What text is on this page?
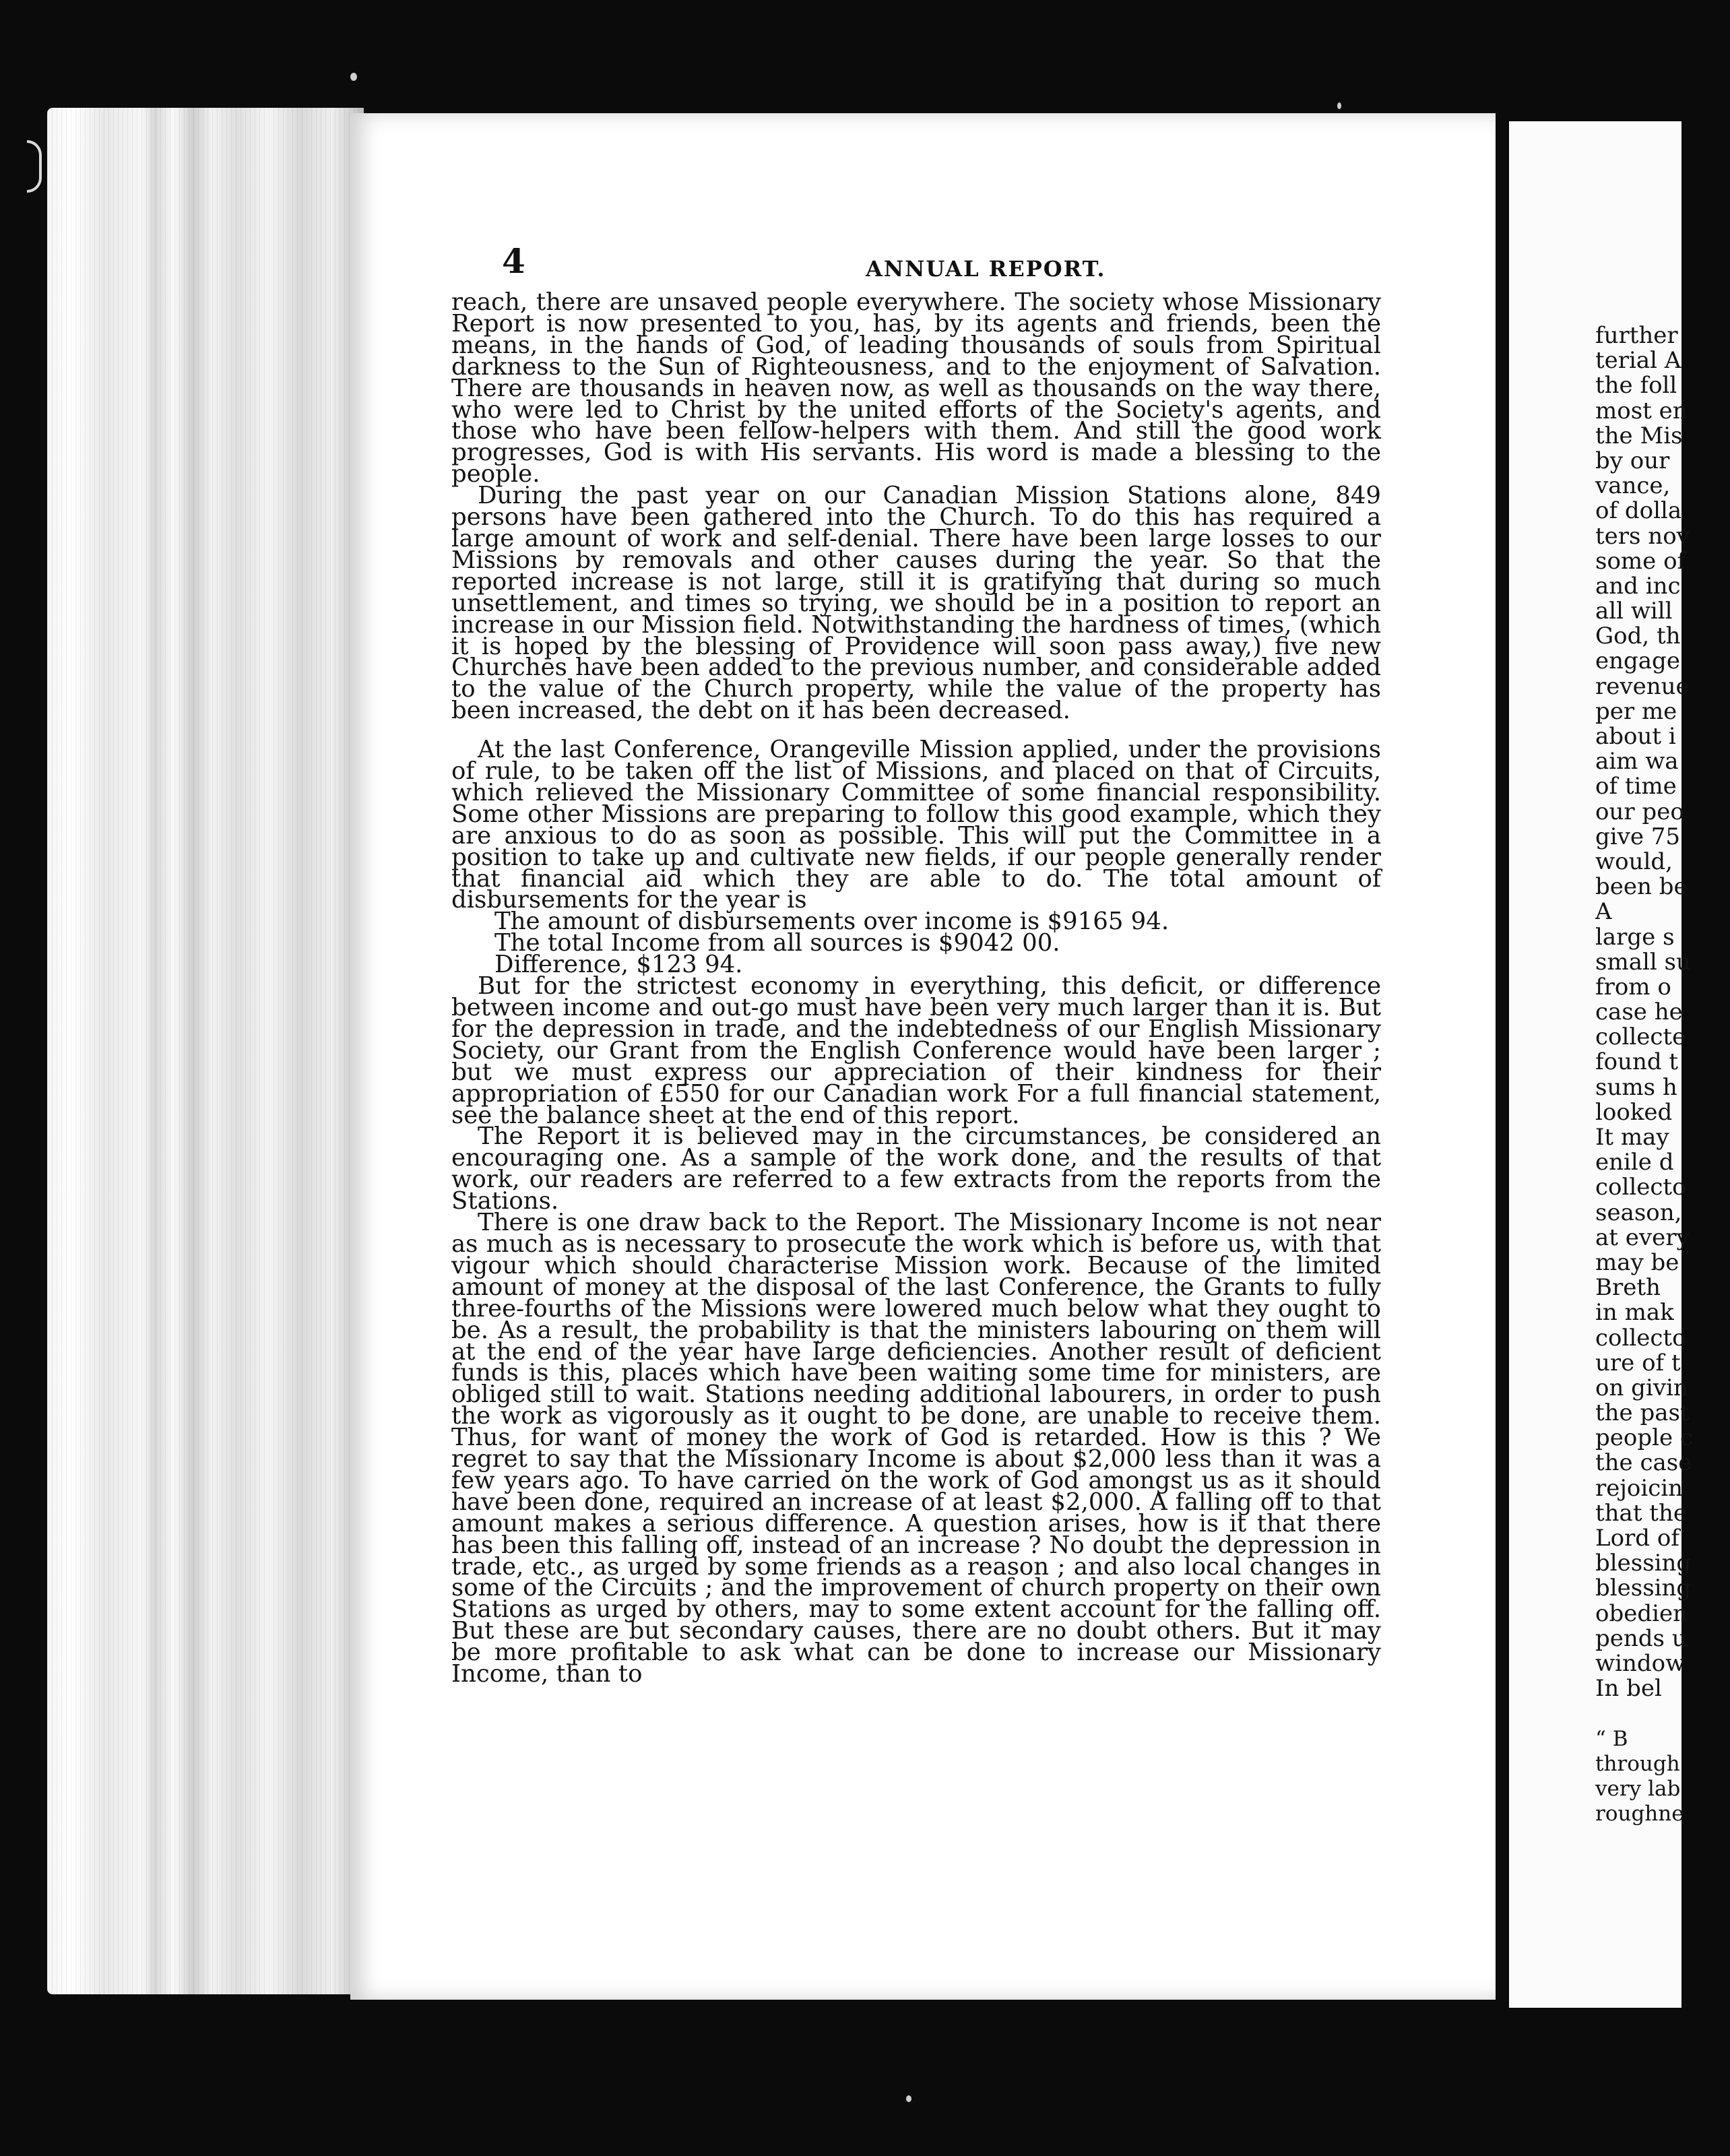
4	ANNUAL REPORT.

reach, there are unsaved people everywhere. The society whose Missionary Report is now presented to you, has, by its agents and friends, been the means, in the hands of God, of leading thousands of souls from Spiritual darkness to the Sun of Righteousness, and to the enjoyment of Salvation. There are thousands in heaven now, as well as thousands on the way there, who were led to Christ by the united efforts of the Society's agents, and those who have been fellow-helpers with them. And still the good work progresses, God is with His servants. His word is made a blessing to the people.

During the past year on our Canadian Mission Stations alone, 849 persons have been gathered into the Church. To do this has required a large amount of work and self-denial. There have been large losses to our Missions by removals and other causes during the year. So that the reported increase is not large, still it is gratifying that during so much unsettlement, and times so trying, we should be in a position to report an increase in our Mission field. Notwithstanding the hardness of times, (which it is hoped by the blessing of Providence will soon pass away,) five new Churches have been added to the previous number, and considerable added to the value of the Church property, while the value of the property has been increased, the debt on it has been decreased.

At the last Conference, Orangeville Mission applied, under the provisions of rule, to be taken off the list of Missions, and placed on that of Circuits, which relieved the Missionary Committee of some financial responsibility. Some other Missions are preparing to follow this good example, which they are anxious to do as soon as possible. This will put the Committee in a position to take up and cultivate new fields, if our people generally render that financial aid which they are able to do. The total amount of disbursements for the year is

The amount of disbursements over income is $9165 94.

The total Income from all sources is $9042 00.

Difference, $123 94.

But for the strictest economy in everything, this deficit, or difference between income and out-go must have been very much larger than it is. But for the depression in trade, and the indebtedness of our English Missionary Society, our Grant from the English Conference would have been larger ; but we must express our appreciation of their kindness for their appropriation of £550 for our Canadian work For a full financial statement, see the balance sheet at the end of this report.

The Report it is believed may in the circumstances, be considered an encouraging one. As a sample of the work done, and the results of that work, our readers are referred to a few extracts from the reports from the Stations.

There is one draw back to the Report. The Missionary Income is not near as much as is necessary to prosecute the work which is before us, with that vigour which should characterise Mission work. Because of the limited amount of money at the disposal of the last Conference, the Grants to fully three-fourths of the Missions were lowered much below what they ought to be. As a result, the probability is that the ministers labouring on them will at the end of the year have large deficiencies. Another result of deficient funds is this, places which have been waiting some time for ministers, are obliged still to wait. Stations needing additional labourers, in order to push the work as vigorously as it ought to be done, are unable to receive them. Thus, for want of money the work of God is retarded. How is this ? We regret to say that the Missionary Income is about $2,000 less than it was a few years ago. To have carried on the work of God amongst us as it should have been done, required an increase of at least $2,000. A falling off to that amount makes a serious difference. A question arises, how is it that there has been this falling off, instead of an increase ? No doubt the depression in trade, etc., as urged by some friends as a reason ; and also local changes in some of the Circuits ; and the improvement of church property on their own Stations as urged by others, may to some extent account for the falling off. But these are but secondary causes, there are no doubt others. But it may be more profitable to ask what can be done to increase our Missionary Income, than to

further
terial A
the foll
most en
the Mis
by our
vance,
of dolla
ters nov
some of
and inc
all will
God, th
engage
revenue
per me
about i
aim wa
of time
our peo
give 75
would,
been be
A
large s
small su
from o
case he
collecte
found t
sums h
looked
It may
enile d
collecto
season,
at every
may be
Breth
in mak
collecto
ure of t
on givin
the past
people c
the case
rejoicin
that the
Lord of
blessing
blessing
obedien
pends u
window
In bel
“ B
through
very lab
roughne
